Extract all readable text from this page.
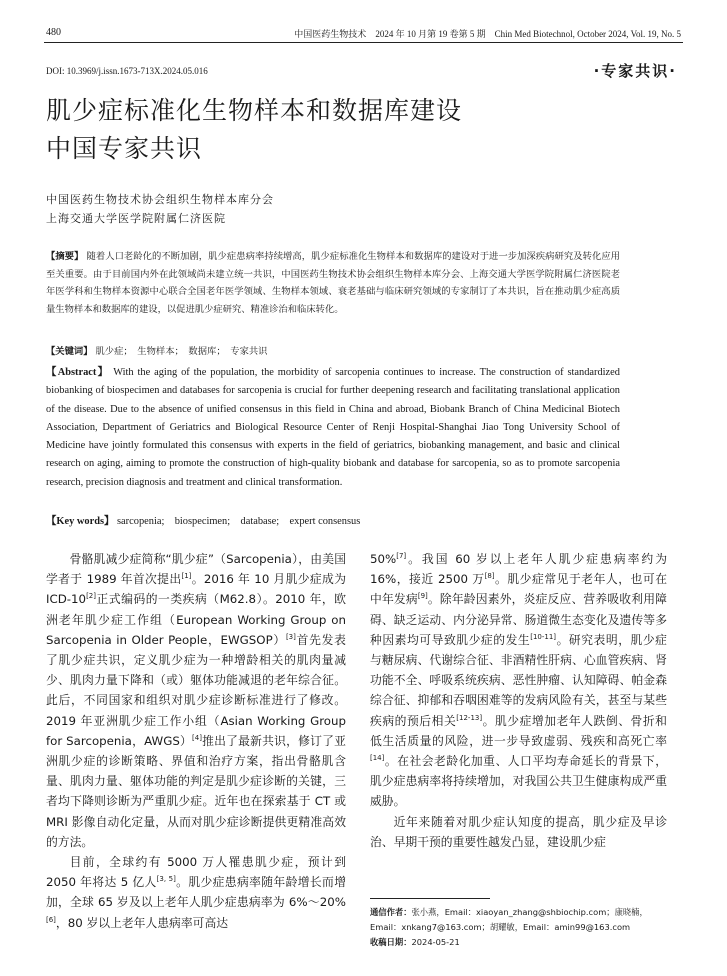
480	中国医药生物技术  2024 年 10 月第 19 卷第 5 期  Chin Med Biotechnol, October 2024, Vol. 19, No. 5
DOI: 10.3969/j.issn.1673-713X.2024.05.016	·专家共识·
肌少症标准化生物样本和数据库建设
中国专家共识
中国医药生物技术协会组织生物样本库分会
上海交通大学医学院附属仁济医院
【摘要】 随着人口老龄化的不断加剧，肌少症患病率持续增高，肌少症标准化生物样本和数据库的建设对于进一步加深疾病研究及转化应用至关重要。由于目前国内外在此领域尚未建立统一共识，中国医药生物技术协会组织生物样本库分会、上海交通大学医学院附属仁济医院老年医学科和生物样本资源中心联合全国老年医学领域、生物样本领域、衰老基础与临床研究领域的专家制订了本共识，旨在推动肌少症高质量生物样本和数据库的建设，以促进肌少症研究、精准诊治和临床转化。
【关键词】 肌少症；　生物样本；　数据库；　专家共识
【Abstract】 With the aging of the population, the morbidity of sarcopenia continues to increase. The construction of standardized biobanking of biospecimen and databases for sarcopenia is crucial for further deepening research and facilitating translational application of the disease. Due to the absence of unified consensus in this field in China and abroad, Biobank Branch of China Medicinal Biotech Association, Department of Geriatrics and Biological Resource Center of Renji Hospital-Shanghai Jiao Tong University School of Medicine have jointly formulated this consensus with experts in the field of geriatrics, biobanking management, and basic and clinical research on aging, aiming to promote the construction of high-quality biobank and database for sarcopenia, so as to promote sarcopenia research, precision diagnosis and treatment and clinical transformation.
【Key words】 sarcopenia;　biospecimen;　database;　expert consensus

骨骼肌减少症简称“肌少症”（Sarcopenia），由美国学者于 1989 年首次提出[1]。2016 年 10 月肌少症成为 ICD-10[2]正式编码的一类疾病（M62.8）。2010 年，欧洲老年肌少症工作组（European Working Group on Sarcopenia in Older People，EWGSOP）[3]首先发表了肌少症共识，定义肌少症为一种增龄相关的肌肉量减少、肌肉力量下降和（或）躯体功能减退的老年综合征。此后，不同国家和组织对肌少症诊断标准进行了修改。2019 年亚洲肌少症工作小组（Asian Working Group for Sarcopenia，AWGS）[4]推出了最新共识，修订了亚洲肌少症的诊断策略、界值和治疗方案，指出骨骼肌含量、肌肉力量、躯体功能的判定是肌少症诊断的关键，三者均下降则诊断为严重肌少症。近年也在探索基于 CT 或 MRI 影像自动化定量，从而对肌少症诊断提供更精准高效的方法。

目前，全球约有 5000 万人罹患肌少症，预计到 2050 年将达 5 亿人[3, 5]。肌少症患病率随年龄增长而增加，全球 65 岁及以上老年人肌少症患病率为 6%～20%[6]，80 岁以上老年人患病率可高达

50%[7]。我国 60 岁以上老年人肌少症患病率约为 16%，接近 2500 万[8]。肌少症常见于老年人，也可在中年发病[9]。除年龄因素外，炎症反应、营养吸收利用障碍、缺乏运动、内分泌异常、肠道微生态变化及遗传等多种因素均可导致肌少症的发生[10-11]。研究表明，肌少症与糖尿病、代谢综合征、非酒精性肝病、心血管疾病、肾功能不全、呼吸系统疾病、恶性肿瘤、认知障碍、帕金森综合征、抑郁和吞咽困难等的发病风险有关，甚至与某些疾病的预后相关[12-13]。肌少症增加老年人跌倒、骨折和低生活质量的风险，进一步导致虚弱、残疾和高死亡率[14]。在社会老龄化加重、人口平均寿命延长的背景下，肌少症患病率将持续增加，对我国公共卫生健康构成严重威胁。

近年来随着对肌少症认知度的提高，肌少症及早诊治、早期干预的重要性越发凸显，建设肌少症

通信作者：张小燕，Email：xiaoyan_zhang@shbiochip.com；康晓楠，
Email：xnkang7@163.com；胡耀敏，Email：amin99@163.com
收稿日期：2024-05-21
